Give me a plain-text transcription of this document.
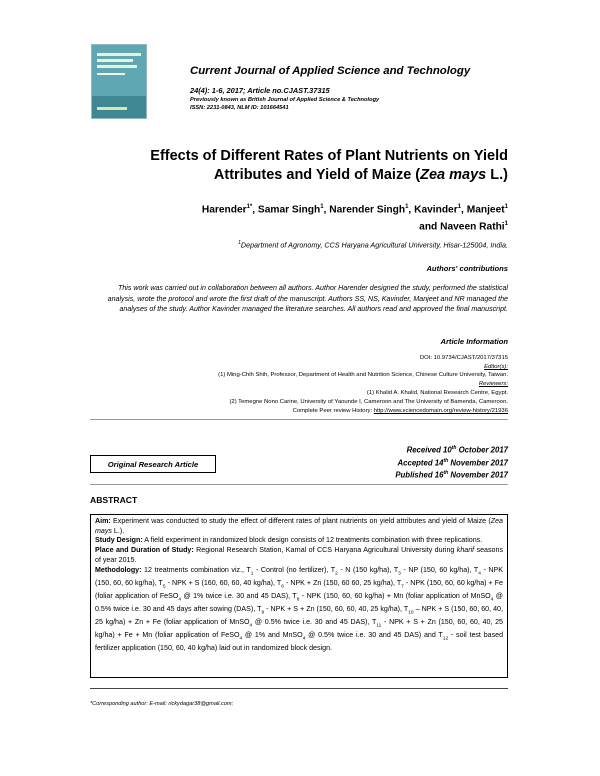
Current Journal of Applied Science and Technology
24(4): 1-6, 2017; Article no.CJAST.37315
Previously known as British Journal of Applied Science & Technology
ISSN: 2231-0843, NLM ID: 101664541
Effects of Different Rates of Plant Nutrients on Yield
Attributes and Yield of Maize (Zea mays L.)
Harender$^{1*}$, Samar Singh$^1$, Narender Singh$^1$, Kavinder$^1$, Manjeet$^1$
and Naveen Rathi$^1$
$^1$Department of Agronomy, CCS Haryana Agricultural University, Hisar-125004, India.
Authors' contributions
This work was carried out in collaboration between all authors. Author Harender designed the study, performed the statistical analysis, wrote the protocol and wrote the first draft of the manuscript. Authors SS, NS, Kavinder, Manjeet and NR managed the analyses of the study. Author Kavinder managed the literature searches. All authors read and approved the final manuscript.
Article Information
DOI: 10.9734/CJAST/2017/37315
Editor(s):
(1) Ming-Chih Shih, Professor, Department of Health and Nutrition Science, Chinese Culture University, Taiwan.
Reviewers:
(1) Khalid A. Khalid, National Research Centre, Egypt.
(2) Temegne Nono Carine, University of Yaounde I, Cameroon and The University of Bamenda, Cameroon.
Complete Peer review History: http://www.sciencedomain.org/review-history/21936
Original Research Article
Received 10th October 2017
Accepted 14th November 2017
Published 16th November 2017
ABSTRACT

Aim: Experiment was conducted to study the effect of different rates of plant nutrients on yield attributes and yield of Maize (Zea mays L.).

Study Design: A field experiment in randomized block design consists of 12 treatments combination with three replications.

Place and Duration of Study: Regional Research Station, Karnal of CCS Haryana Agricultural University during kharif seasons of year 2015.

Methodology: 12 treatments combination viz., $T_1$ - Control (no fertilizer), $T_2$ - N (150 kg/ha), $T_3$ - NP (150, 60 kg/ha), $T_4$ - NPK (150, 60, 60 kg/ha), $T_5$ - NPK + S (160, 60, 60, 40 kg/ha), $T_6$ - NPK + Zn (150, 60 60, 25 kg/ha), $T_7$ - NPK (150, 60, 60 kg/ha) + Fe (foliar application of FeSO$_4$ @ 1% twice i.e. 30 and 45 DAS), $T_8$ - NPK (150, 60, 60 kg/ha) + Mn (foliar application of MnSO$_4$ @ 0.5% twice i.e. 30 and 45 days after sowing (DAS), $T_9$ - NPK + S + Zn (150, 60, 60, 40, 25 kg/ha), $T_{10}$ – NPK + S (150, 60, 60, 40, 25 kg/ha) + Zn + Fe (foliar application of MnSO$_4$ @ 0.5% twice i.e. 30 and 45 DAS), $T_{11}$ - NPK + S + Zn (150, 60, 60, 40, 25 kg/ha) + Fe + Mn (foliar application of FeSO$_4$ @ 1% and MnSO$_4$ @ 0.5% twice i.e. 30 and 45 DAS) and $T_{12}$ - soil test based fertilizer application (150, 60, 40 kg/ha) laid out in randomized block design.

*Corresponding author: E-mail: rickydagar38@gmail.com;
